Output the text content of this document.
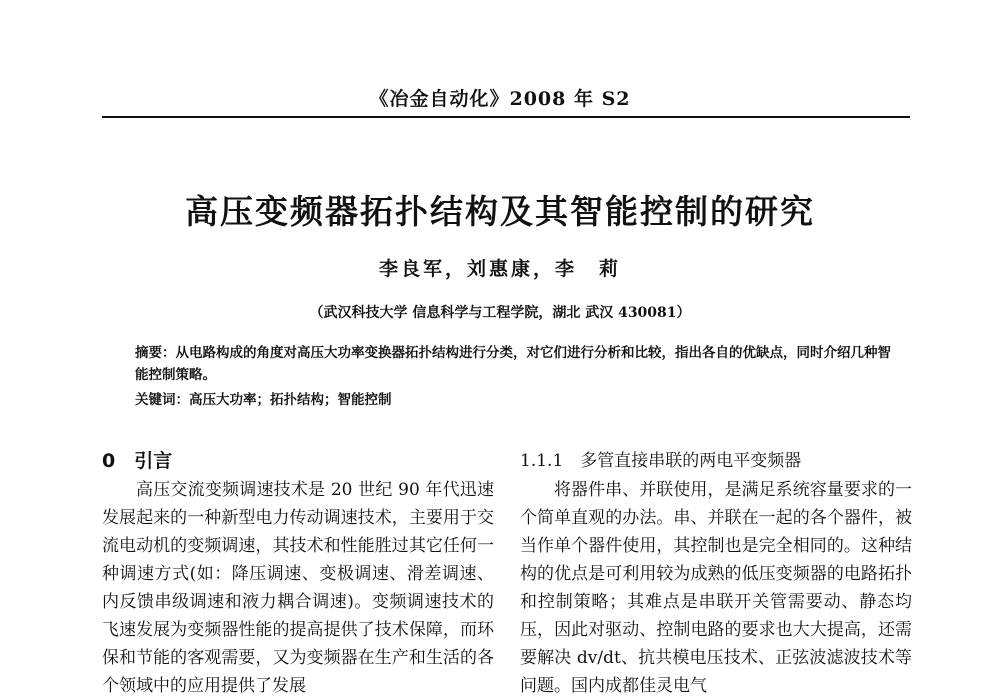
《冶金自动化》2008 年 S2
高压变频器拓扑结构及其智能控制的研究
李良军，刘惠康，李　莉
（武汉科技大学 信息科学与工程学院，湖北 武汉 430081）
摘要：从电路构成的角度对高压大功率变换器拓扑结构进行分类，对它们进行分析和比较，指出各自的优缺点，同时介绍几种智能控制策略。
关键词：高压大功率；拓扑结构；智能控制
0　引言

高压交流变频调速技术是 20 世纪 90 年代迅速发展起来的一种新型电力传动调速技术，主要用于交流电动机的变频调速，其技术和性能胜过其它任何一种调速方式(如：降压调速、变极调速、滑差调速、内反馈串级调速和液力耦合调速)。变频调速技术的飞速发展为变频器性能的提高提供了技术保障，而环保和节能的客观需要，又为变频器在生产和生活的各个领域中的应用提供了发展

1.1.1　多管直接串联的两电平变频器

将器件串、并联使用，是满足系统容量要求的一个简单直观的办法。串、并联在一起的各个器件，被当作单个器件使用，其控制也是完全相同的。这种结构的优点是可利用较为成熟的低压变频器的电路拓扑和控制策略；其难点是串联开关管需要动、静态均压，因此对驱动、控制电路的要求也大大提高，还需要解决 dv/dt、抗共模电压技术、正弦波滤波技术等问题。国内成都佳灵电气
